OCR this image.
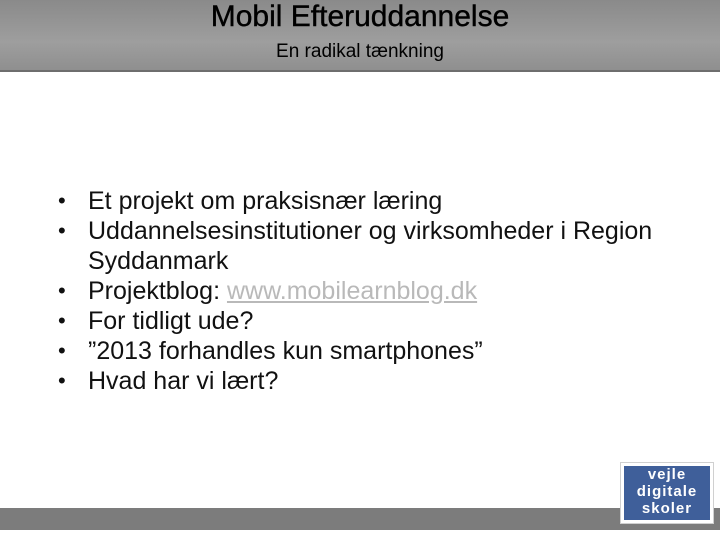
Mobil Efteruddannelse
En radikal tænkning
• Et projekt om praksisnær læring
• Uddannelsesinstitutioner og virksomheder i Region Syddanmark
• Projektblog: www.mobilearnblog.dk
• For tidligt ude?
• ”2013 forhandles kun smartphones”
• Hvad har vi lært?
vejle
digitale
skoler
